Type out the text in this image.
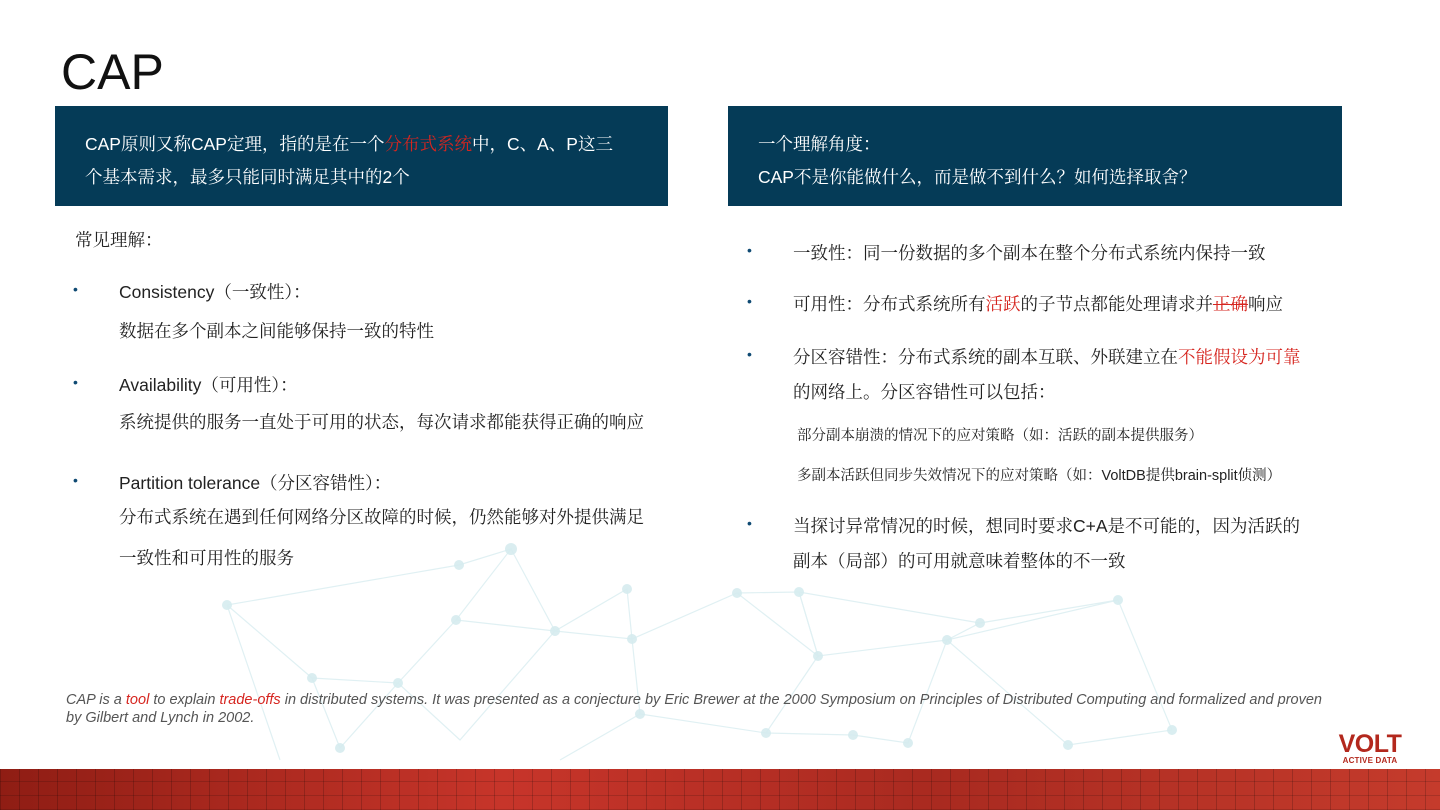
CAP
CAP原则又称CAP定理，指的是在一个分布式系统中，C、A、P这三
个基本需求，最多只能同时满足其中的2个
一个理解角度：
CAP不是你能做什么，而是做不到什么？如何选择取舍？
常见理解：
• Consistency（一致性）：
数据在多个副本之间能够保持一致的特性
• Availability（可用性）：
系统提供的服务一直处于可用的状态，每次请求都能获得正确的响应
• Partition tolerance（分区容错性）：
分布式系统在遇到任何网络分区故障的时候，仍然能够对外提供满足
一致性和可用性的服务
• 一致性：同一份数据的多个副本在整个分布式系统内保持一致
• 可用性：分布式系统所有活跃的子节点都能处理请求并正确响应
• 分区容错性：分布式系统的副本互联、外联建立在不能假设为可靠
的网络上。分区容错性可以包括：
部分副本崩溃的情况下的应对策略（如：活跃的副本提供服务）
多副本活跃但同步失效情况下的应对策略（如：VoltDB提供brain-split侦测）
• 当探讨异常情况的时候，想同时要求C+A是不可能的，因为活跃的
副本（局部）的可用就意味着整体的不一致
CAP is a tool to explain trade-offs in distributed systems. It was presented as a conjecture by Eric Brewer at the 2000 Symposium on Principles of Distributed Computing and formalized and proven by Gilbert and Lynch in 2002.
VOLT
ACTIVE DATA
